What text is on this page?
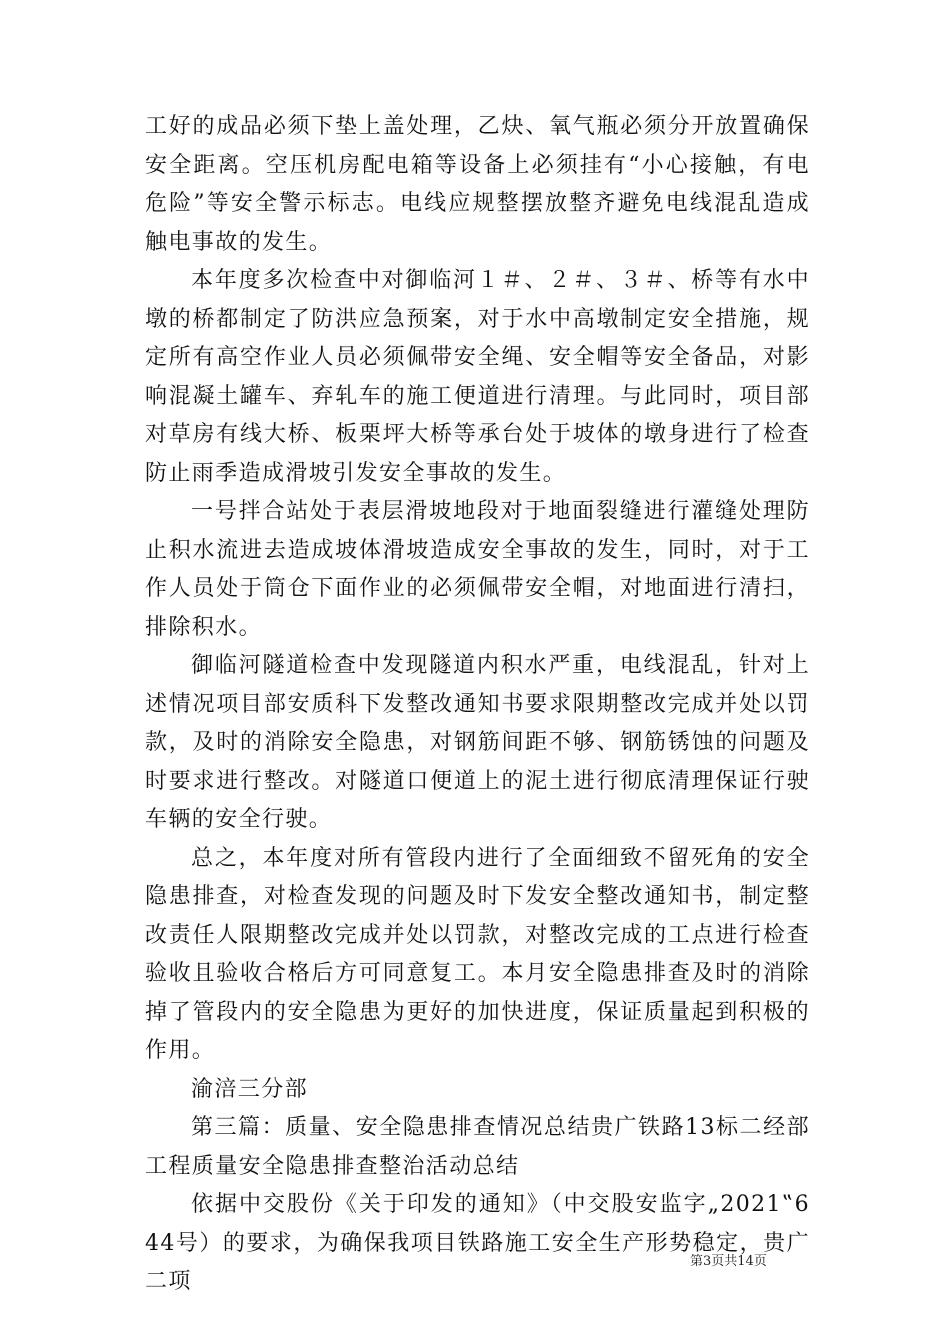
工好的成品必须下垫上盖处理，乙炔、氧气瓶必须分开放置确保安全距离。空压机房配电箱等设备上必须挂有“小心接触，有电危险”等安全警示标志。电线应规整摆放整齐避免电线混乱造成触电事故的发生。

本年度多次检查中对御临河１＃、２＃、３＃、桥等有水中墩的桥都制定了防洪应急预案，对于水中高墩制定安全措施，规定所有高空作业人员必须佩带安全绳、安全帽等安全备品，对影响混凝土罐车、弃轧车的施工便道进行清理。与此同时，项目部对草房有线大桥、板栗坪大桥等承台处于坡体的墩身进行了检查防止雨季造成滑坡引发安全事故的发生。

一号拌合站处于表层滑坡地段对于地面裂缝进行灌缝处理防止积水流进去造成坡体滑坡造成安全事故的发生，同时，对于工作人员处于筒仓下面作业的必须佩带安全帽，对地面进行清扫，排除积水。

御临河隧道检查中发现隧道内积水严重，电线混乱，针对上述情况项目部安质科下发整改通知书要求限期整改完成并处以罚款，及时的消除安全隐患，对钢筋间距不够、钢筋锈蚀的问题及时要求进行整改。对隧道口便道上的泥土进行彻底清理保证行驶车辆的安全行驶。

总之，本年度对所有管段内进行了全面细致不留死角的安全隐患排查，对检查发现的问题及时下发安全整改通知书，制定整改责任人限期整改完成并处以罚款，对整改完成的工点进行检查验收且验收合格后方可同意复工。本月安全隐患排查及时的消除掉了管段内的安全隐患为更好的加快进度，保证质量起到积极的作用。

渝涪三分部

第三篇：质量、安全隐患排查情况总结贵广铁路13标二经部工程质量安全隐患排查整治活动总结

依据中交股份《关于印发的通知》（中交股安监字„2021‟644号）的要求，为确保我项目铁路施工安全生产形势稳定，贵广二项

第3页共14页
